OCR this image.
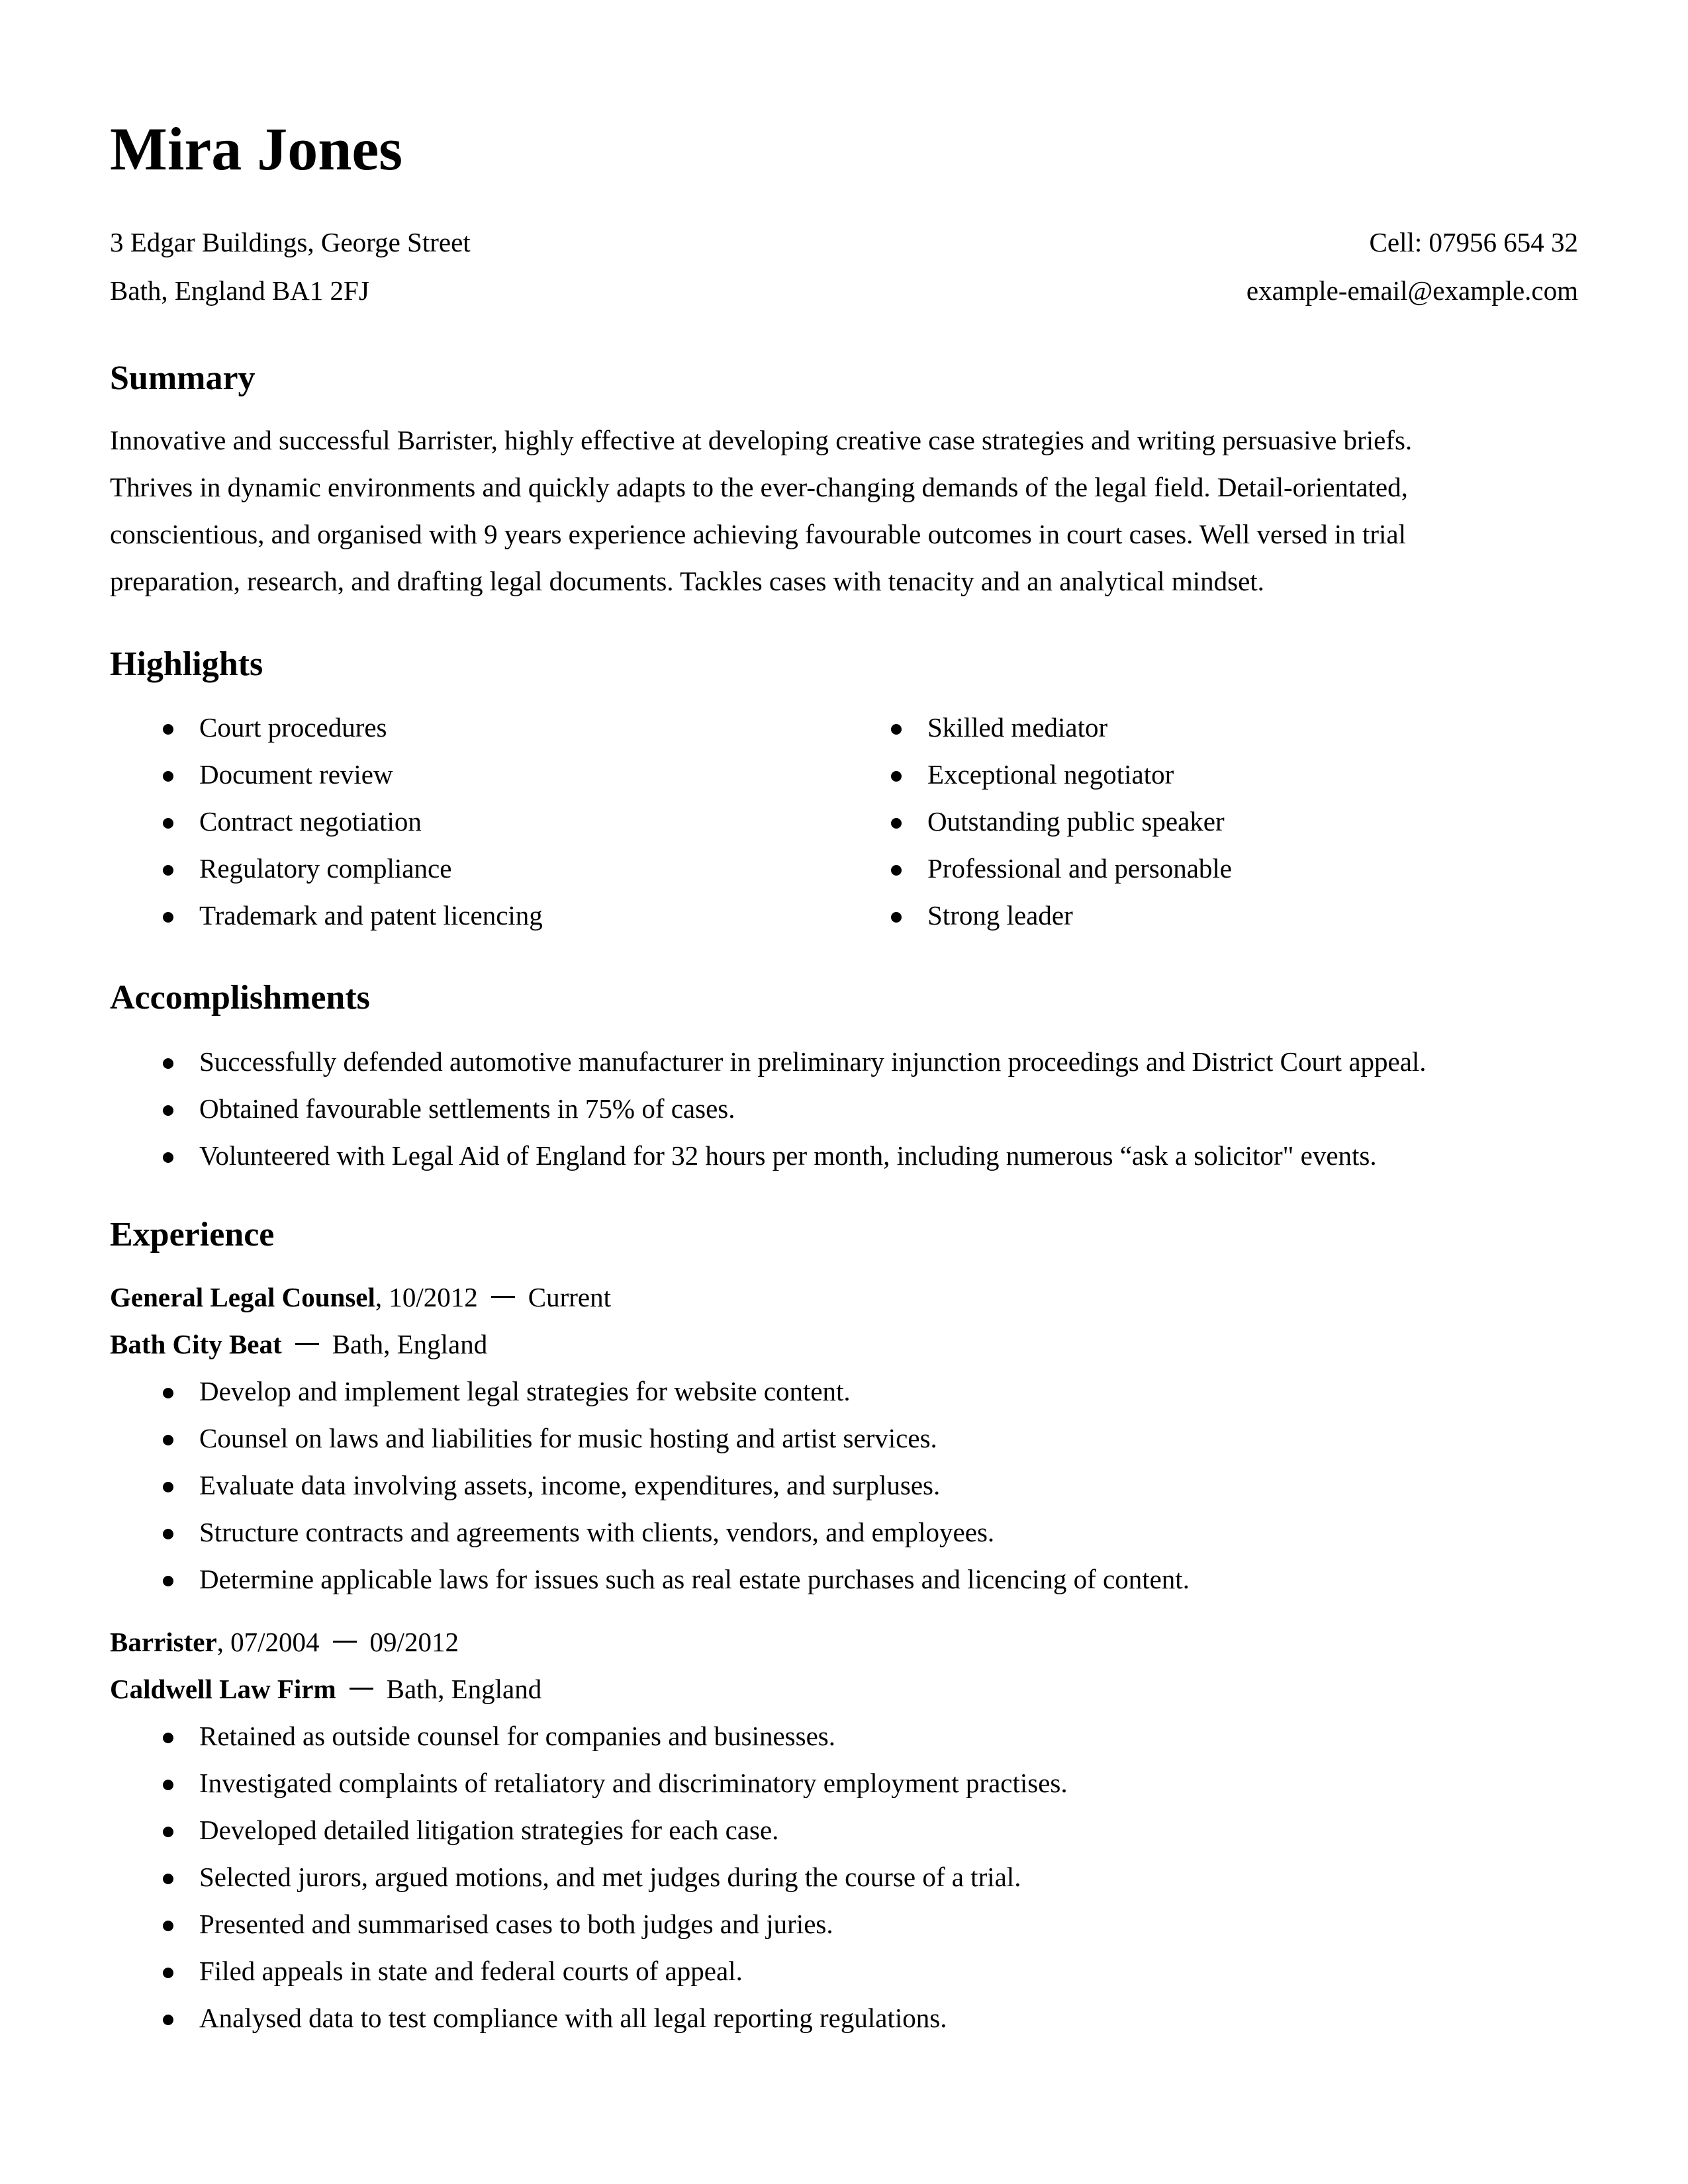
Mira Jones
3 Edgar Buildings, George Street	Cell: 07956 654 32
Bath, England BA1 2FJ	example-email@example.com
Summary
Innovative and successful Barrister, highly effective at developing creative case strategies and writing persuasive briefs.
Thrives in dynamic environments and quickly adapts to the ever-changing demands of the legal field. Detail-orientated,
conscientious, and organised with 9 years experience achieving favourable outcomes in court cases. Well versed in trial
preparation, research, and drafting legal documents. Tackles cases with tenacity and an analytical mindset.
Highlights
Court procedures
Document review
Contract negotiation
Regulatory compliance
Trademark and patent licencing
Skilled mediator
Exceptional negotiator
Outstanding public speaker
Professional and personable
Strong leader
Accomplishments
Successfully defended automotive manufacturer in preliminary injunction proceedings and District Court appeal.
Obtained favourable settlements in 75% of cases.
Volunteered with Legal Aid of England for 32 hours per month, including numerous “ask a solicitor" events.
Experience
General Legal Counsel, 10/2012 Current
Bath City Beat Bath, England
Develop and implement legal strategies for website content.
Counsel on laws and liabilities for music hosting and artist services.
Evaluate data involving assets, income, expenditures, and surpluses.
Structure contracts and agreements with clients, vendors, and employees.
Determine applicable laws for issues such as real estate purchases and licencing of content.
Barrister, 07/2004 09/2012
Caldwell Law Firm Bath, England
Retained as outside counsel for companies and businesses.
Investigated complaints of retaliatory and discriminatory employment practises.
Developed detailed litigation strategies for each case.
Selected jurors, argued motions, and met judges during the course of a trial.
Presented and summarised cases to both judges and juries.
Filed appeals in state and federal courts of appeal.
Analysed data to test compliance with all legal reporting regulations.
